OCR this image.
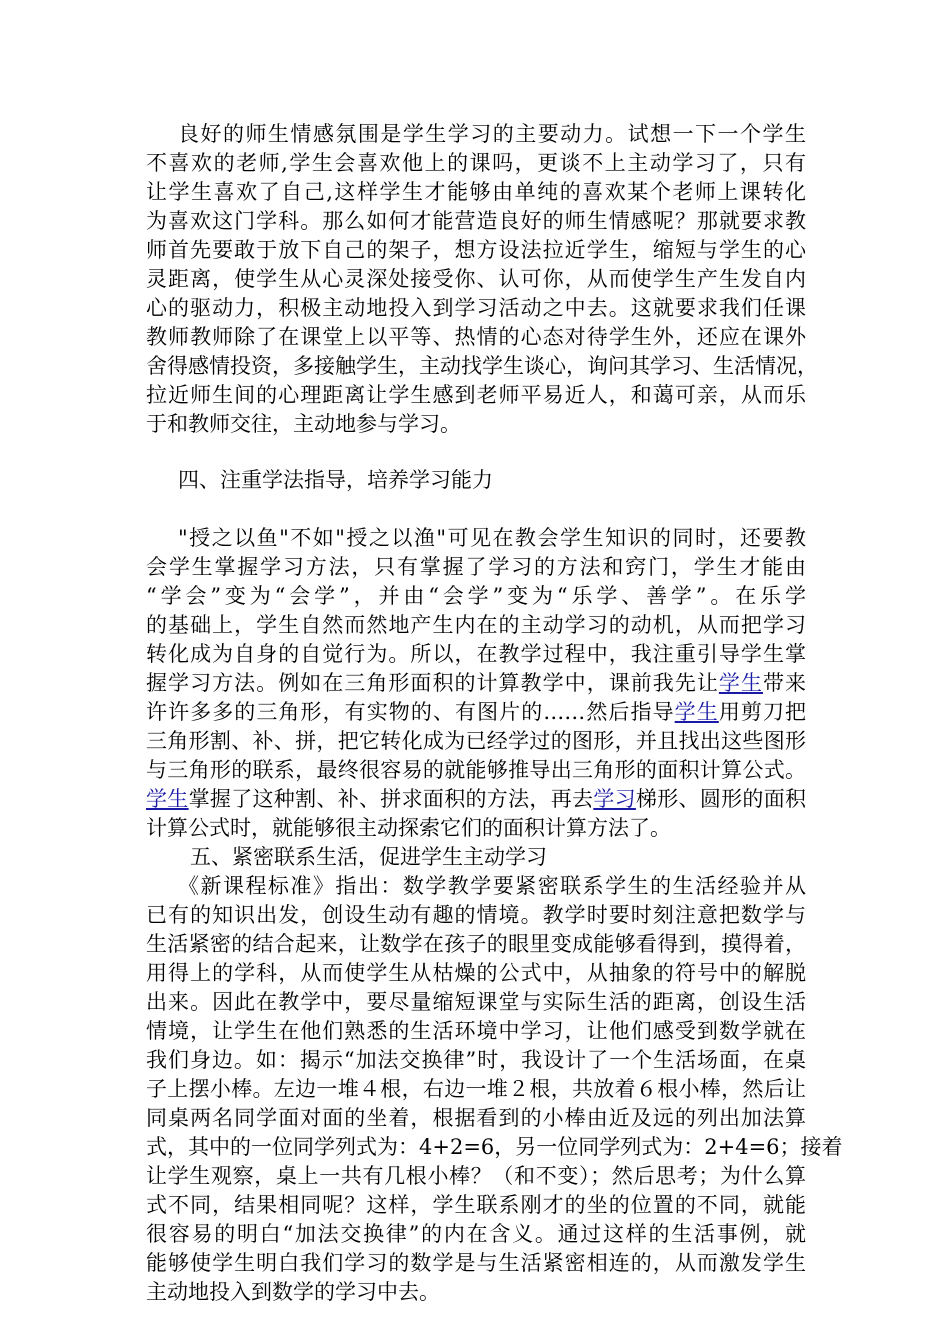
良好的师生情感氛围是学生学习的主要动力。试想一下一个学生
不喜欢的老师,学生会喜欢他上的课吗，更谈不上主动学习了，只有
让学生喜欢了自己,这样学生才能够由单纯的喜欢某个老师上课转化
为喜欢这门学科。那么如何才能营造良好的师生情感呢？那就要求教
师首先要敢于放下自己的架子，想方设法拉近学生，缩短与学生的心
灵距离，使学生从心灵深处接受你、认可你，从而使学生产生发自内
心的驱动力，积极主动地投入到学习活动之中去。这就要求我们任课
教师教师除了在课堂上以平等、热情的心态对待学生外，还应在课外
舍得感情投资，多接触学生，主动找学生谈心，询问其学习、生活情况，
拉近师生间的心理距离让学生感到老师平易近人，和蔼可亲，从而乐
于和教师交往，主动地参与学习。
四、注重学法指导，培养学习能力
"授之以鱼"不如"授之以渔"可见在教会学生知识的同时，还要教
会学生掌握学习方法，只有掌握了学习的方法和窍门，学生才能由
“学会”变为“会学”，并由“会学”变为“乐学、善学”。在乐学
的基础上，学生自然而然地产生内在的主动学习的动机，从而把学习
转化成为自身的自觉行为。所以，在教学过程中，我注重引导学生掌
握学习方法。例如在三角形面积的计算教学中，课前我先让学生带来
许许多多的三角形，有实物的、有图片的……然后指导学生用剪刀把
三角形割、补、拼，把它转化成为已经学过的图形，并且找出这些图形
与三角形的联系，最终很容易的就能够推导出三角形的面积计算公式。
学生掌握了这种割、补、拼求面积的方法，再去学习梯形、圆形的面积
计算公式时，就能够很主动探索它们的面积计算方法了。
五、紧密联系生活，促进学生主动学习
《新课程标准》指出：数学教学要紧密联系学生的生活经验并从
已有的知识出发，创设生动有趣的情境。教学时要时刻注意把数学与
生活紧密的结合起来，让数学在孩子的眼里变成能够看得到，摸得着，
用得上的学科，从而使学生从枯燥的公式中，从抽象的符号中的解脱
出来。因此在教学中，要尽量缩短课堂与实际生活的距离，创设生活
情境，让学生在他们熟悉的生活环境中学习，让他们感受到数学就在
我们身边。如：揭示“加法交换律”时，我设计了一个生活场面，在桌
子上摆小棒。左边一堆４根，右边一堆２根，共放着６根小棒，然后让
同桌两名同学面对面的坐着，根据看到的小棒由近及远的列出加法算
式，其中的一位同学列式为：4+2=6，另一位同学列式为：2+4=6；接着
让学生观察，桌上一共有几根小棒？（和不变）；然后思考；为什么算
式不同，结果相同呢？这样，学生联系刚才的坐的位置的不同，就能
很容易的明白“加法交换律”的内在含义。通过这样的生活事例，就
能够使学生明白我们学习的数学是与生活紧密相连的，从而激发学生
主动地投入到数学的学习中去。
